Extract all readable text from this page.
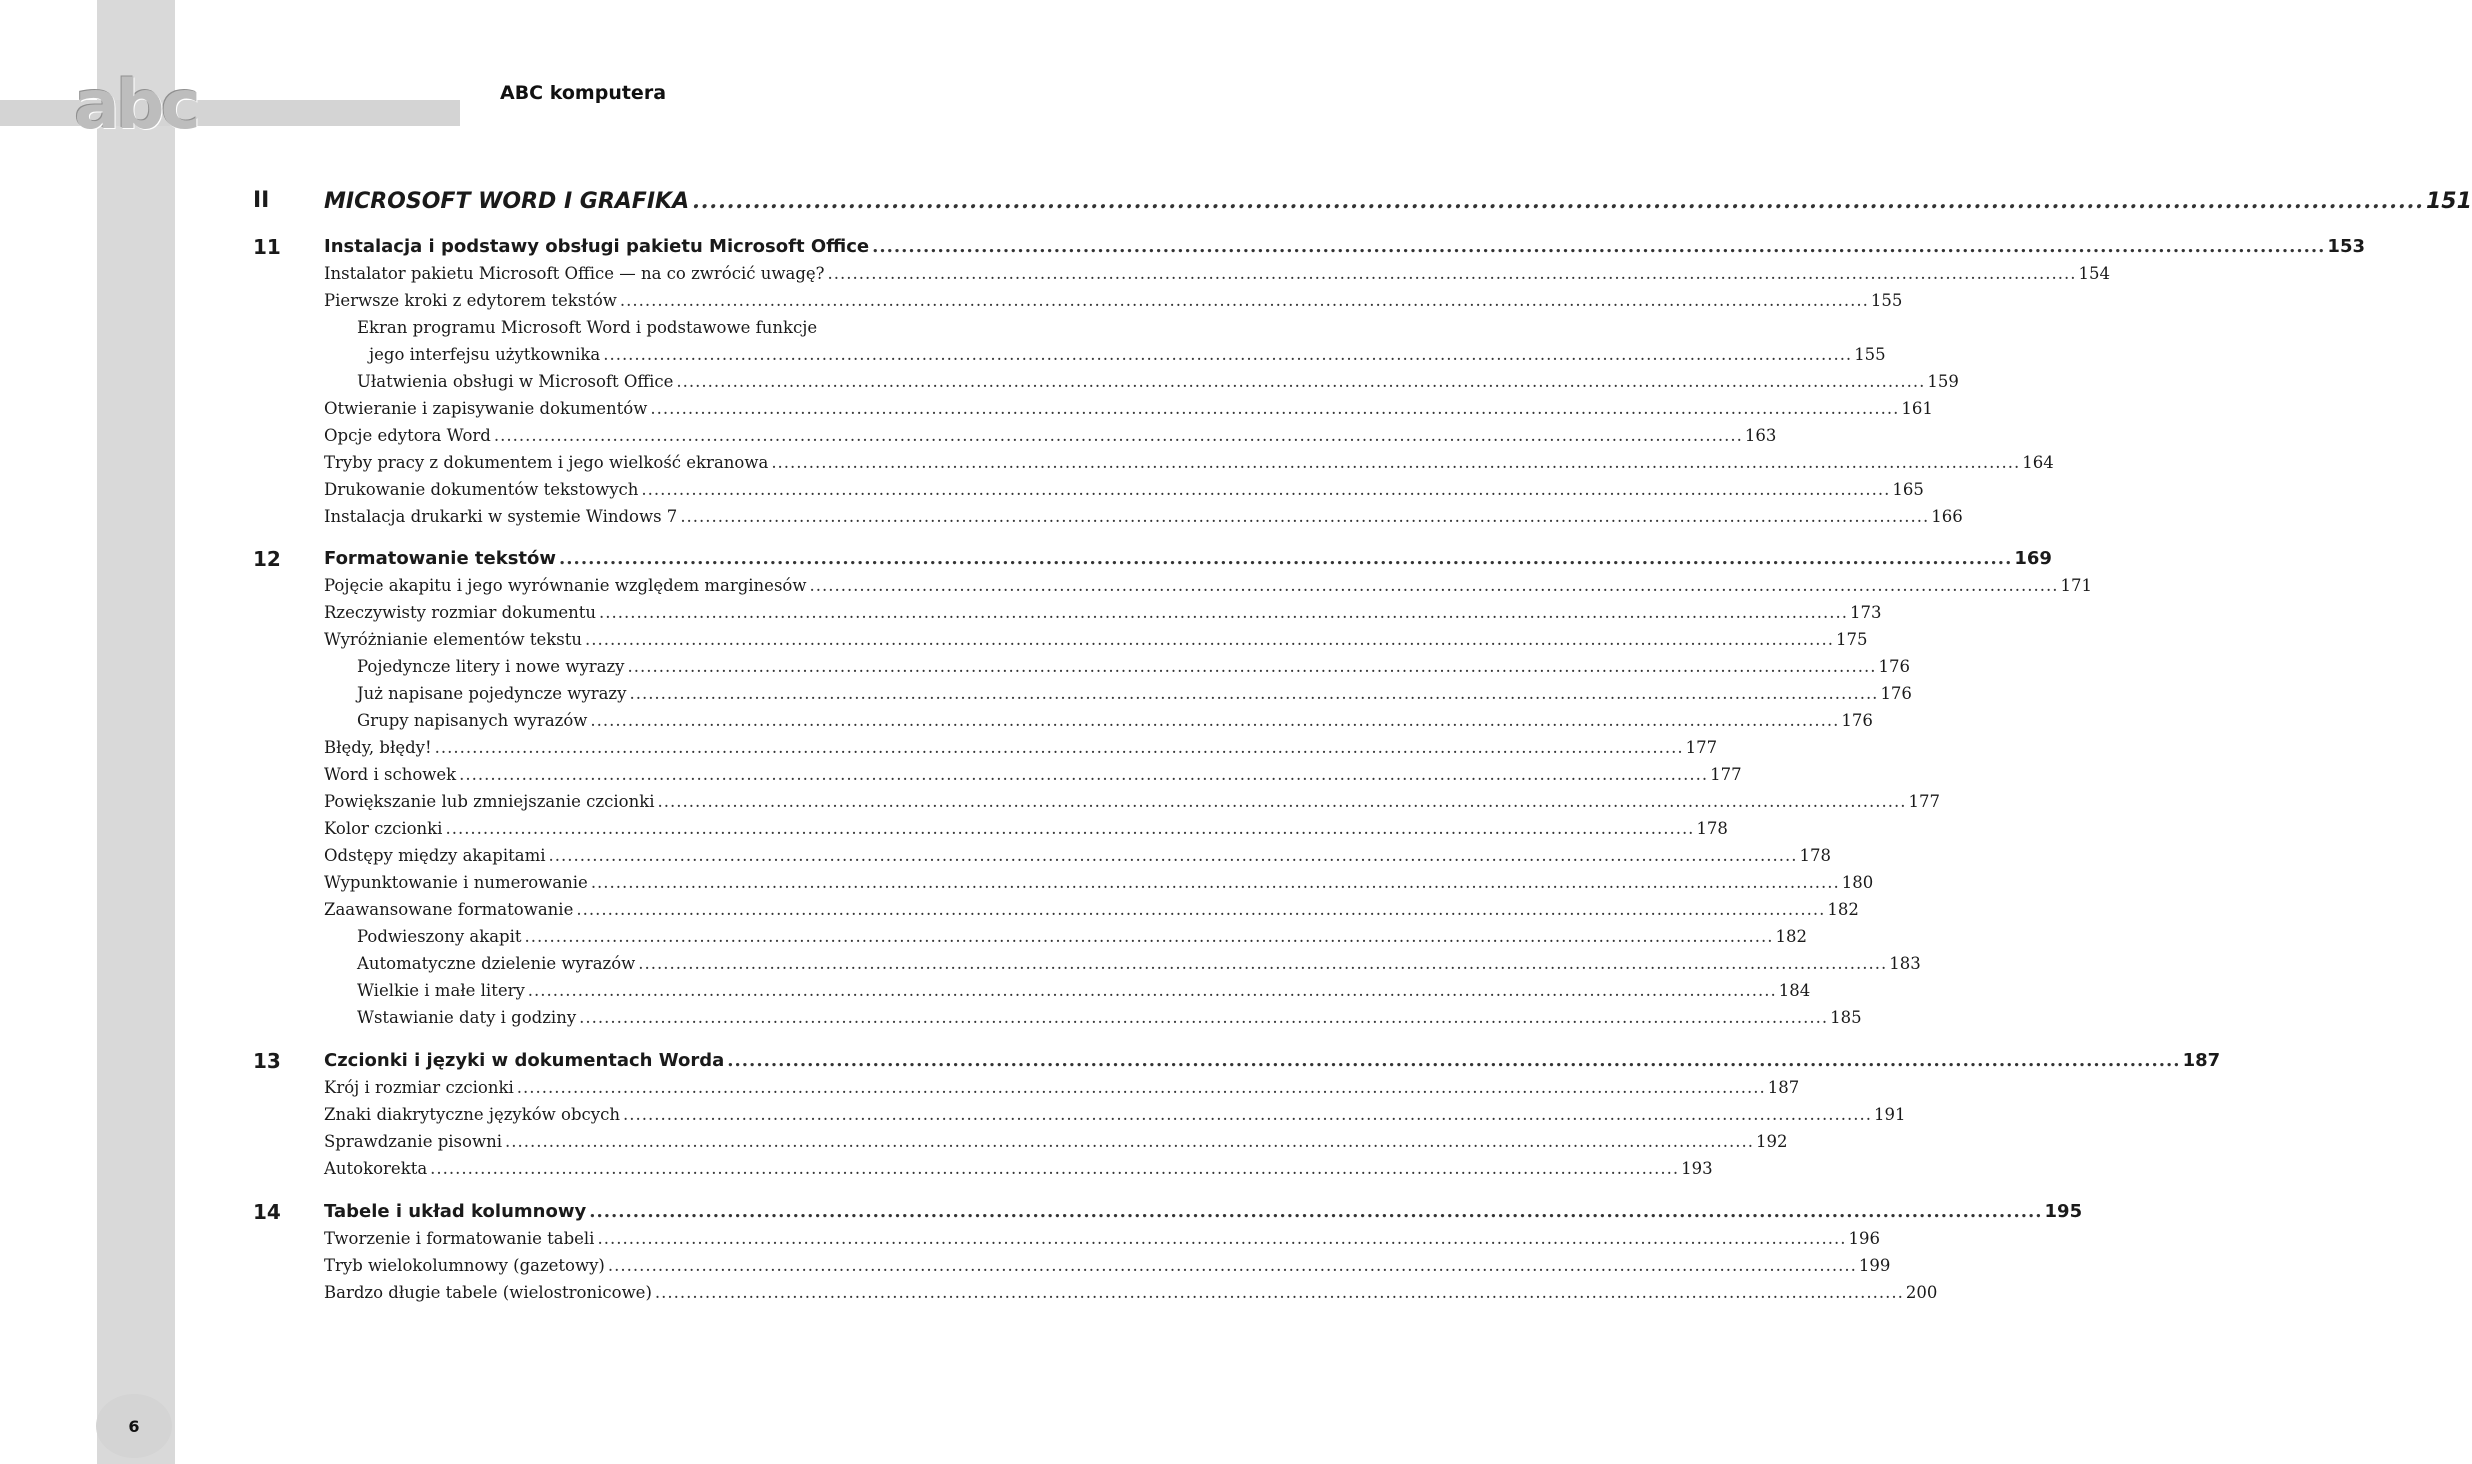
abc	ABC komputera
II MICROSOFT WORD I GRAFIKA ........................................................................................................................................................................................................ 151
11 Instalacja i podstawy obsługi pakietu Microsoft Office ........................................................................................................................................................................................................ 153
Instalator pakietu Microsoft Office — na co zwrócić uwagę? ........................................................................................................................................................................................................ 154
Pierwsze kroki z edytorem tekstów ........................................................................................................................................................................................................ 155
Ekran programu Microsoft Word i podstawowe funkcje
jego interfejsu użytkownika ........................................................................................................................................................................................................ 155
Ułatwienia obsługi w Microsoft Office ........................................................................................................................................................................................................ 159
Otwieranie i zapisywanie dokumentów ........................................................................................................................................................................................................ 161
Opcje edytora Word ........................................................................................................................................................................................................ 163
Tryby pracy z dokumentem i jego wielkość ekranowa ........................................................................................................................................................................................................ 164
Drukowanie dokumentów tekstowych ........................................................................................................................................................................................................ 165
Instalacja drukarki w systemie Windows 7 ........................................................................................................................................................................................................ 166
12 Formatowanie tekstów ........................................................................................................................................................................................................ 169
Pojęcie akapitu i jego wyrównanie względem marginesów ........................................................................................................................................................................................................ 171
Rzeczywisty rozmiar dokumentu ........................................................................................................................................................................................................ 173
Wyróżnianie elementów tekstu ........................................................................................................................................................................................................ 175
Pojedyncze litery i nowe wyrazy ........................................................................................................................................................................................................ 176
Już napisane pojedyncze wyrazy ........................................................................................................................................................................................................ 176
Grupy napisanych wyrazów ........................................................................................................................................................................................................ 176
Błędy, błędy! ........................................................................................................................................................................................................ 177
Word i schowek ........................................................................................................................................................................................................ 177
Powiększanie lub zmniejszanie czcionki ........................................................................................................................................................................................................ 177
Kolor czcionki ........................................................................................................................................................................................................ 178
Odstępy między akapitami ........................................................................................................................................................................................................ 178
Wypunktowanie i numerowanie ........................................................................................................................................................................................................ 180
Zaawansowane formatowanie ........................................................................................................................................................................................................ 182
Podwieszony akapit ........................................................................................................................................................................................................ 182
Automatyczne dzielenie wyrazów ........................................................................................................................................................................................................ 183
Wielkie i małe litery ........................................................................................................................................................................................................ 184
Wstawianie daty i godziny ........................................................................................................................................................................................................ 185
13 Czcionki i języki w dokumentach Worda ........................................................................................................................................................................................................ 187
Krój i rozmiar czcionki ........................................................................................................................................................................................................ 187
Znaki diakrytyczne języków obcych ........................................................................................................................................................................................................ 191
Sprawdzanie pisowni ........................................................................................................................................................................................................ 192
Autokorekta ........................................................................................................................................................................................................ 193
14 Tabele i układ kolumnowy ........................................................................................................................................................................................................ 195
Tworzenie i formatowanie tabeli ........................................................................................................................................................................................................ 196
Tryb wielokolumnowy (gazetowy) ........................................................................................................................................................................................................ 199
Bardzo długie tabele (wielostronicowe) ........................................................................................................................................................................................................ 200
6
